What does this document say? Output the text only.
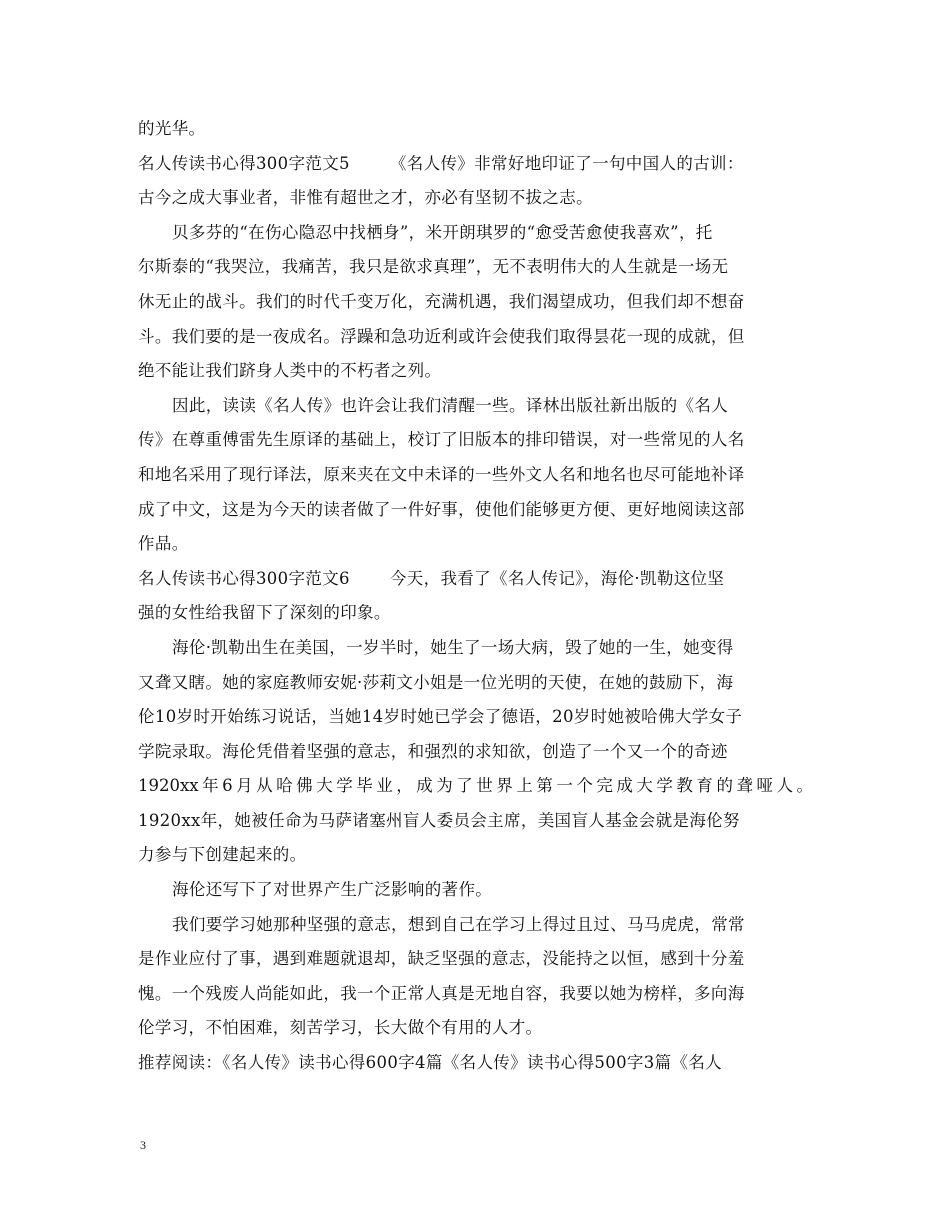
的光华。
名人传读书心得300字范文5 《名人传》非常好地印证了一句中国人的古训：
古今之成大事业者，非惟有超世之才，亦必有坚韧不拔之志。
贝多芬的“在伤心隐忍中找栖身”，米开朗琪罗的“愈受苦愈使我喜欢”，托
尔斯泰的“我哭泣，我痛苦，我只是欲求真理”，无不表明伟大的人生就是一场无
休无止的战斗。我们的时代千变万化，充满机遇，我们渴望成功，但我们却不想奋
斗。我们要的是一夜成名。浮躁和急功近利或许会使我们取得昙花一现的成就，但
绝不能让我们跻身人类中的不朽者之列。
因此，读读《名人传》也许会让我们清醒一些。译林出版社新出版的《名人
传》在尊重傅雷先生原译的基础上，校订了旧版本的排印错误，对一些常见的人名
和地名采用了现行译法，原来夹在文中未译的一些外文人名和地名也尽可能地补译
成了中文，这是为今天的读者做了一件好事，使他们能够更方便、更好地阅读这部
作品。
名人传读书心得300字范文6 今天，我看了《名人传记》，海伦·凯勒这位坚
强的女性给我留下了深刻的印象。
海伦·凯勒出生在美国，一岁半时，她生了一场大病，毁了她的一生，她变得
又聋又瞎。她的家庭教师安妮·莎莉文小姐是一位光明的天使，在她的鼓励下，海
伦10岁时开始练习说话，当她14岁时她已学会了德语，20岁时她被哈佛大学女子
学院录取。海伦凭借着坚强的意志，和强烈的求知欲，创造了一个又一个的奇迹
1920xx年6月从哈佛大学毕业，成为了世界上第一个完成大学教育的聋哑人。
1920xx年，她被任命为马萨诸塞州盲人委员会主席，美国盲人基金会就是海伦努
力参与下创建起来的。
海伦还写下了对世界产生广泛影响的著作。
我们要学习她那种坚强的意志，想到自己在学习上得过且过、马马虎虎，常常
是作业应付了事，遇到难题就退却，缺乏坚强的意志，没能持之以恒，感到十分羞
愧。一个残废人尚能如此，我一个正常人真是无地自容，我要以她为榜样，多向海
伦学习，不怕困难，刻苦学习，长大做个有用的人才。
推荐阅读：《名人传》读书心得600字4篇《名人传》读书心得500字3篇《名人
3
